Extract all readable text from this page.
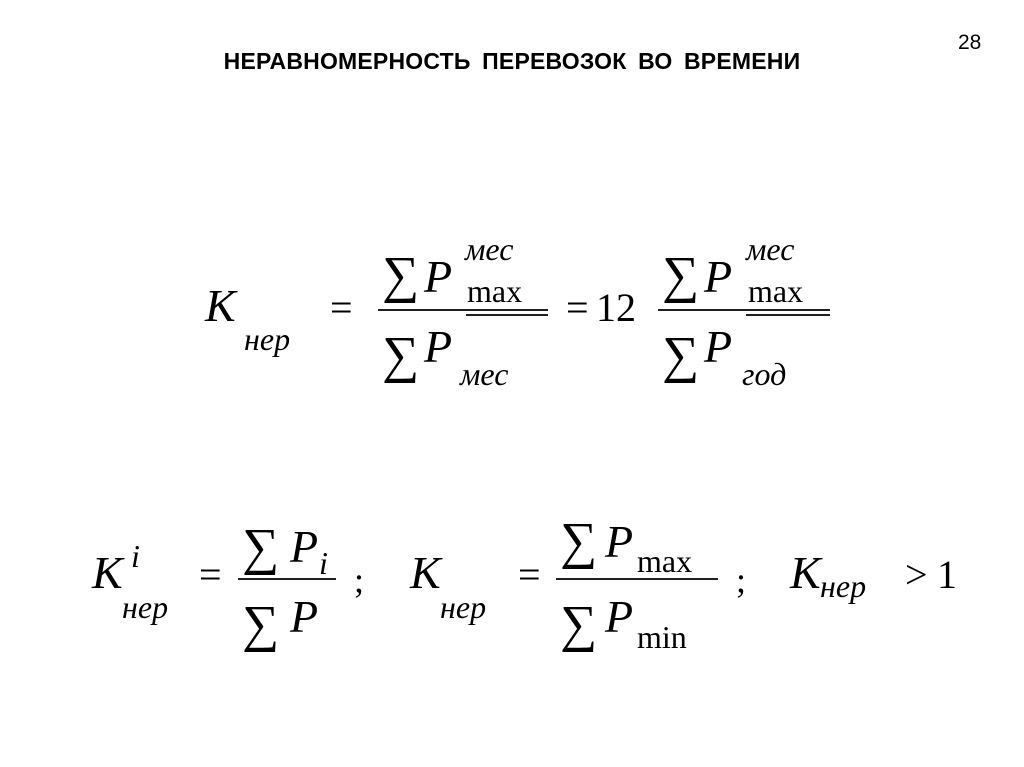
28
НЕРАВНОМЕРНОСТЬ ПЕРЕВОЗОК ВО ВРЕМЕНИ
K
нер
=
∑ P
мес
max
∑ P
мес
= 12
∑ P
мес
max
∑ P
год
K i
нер
= ∑ P i
∑ P
; K
нер
=
∑ P max
∑ P min
; K нер > 1
